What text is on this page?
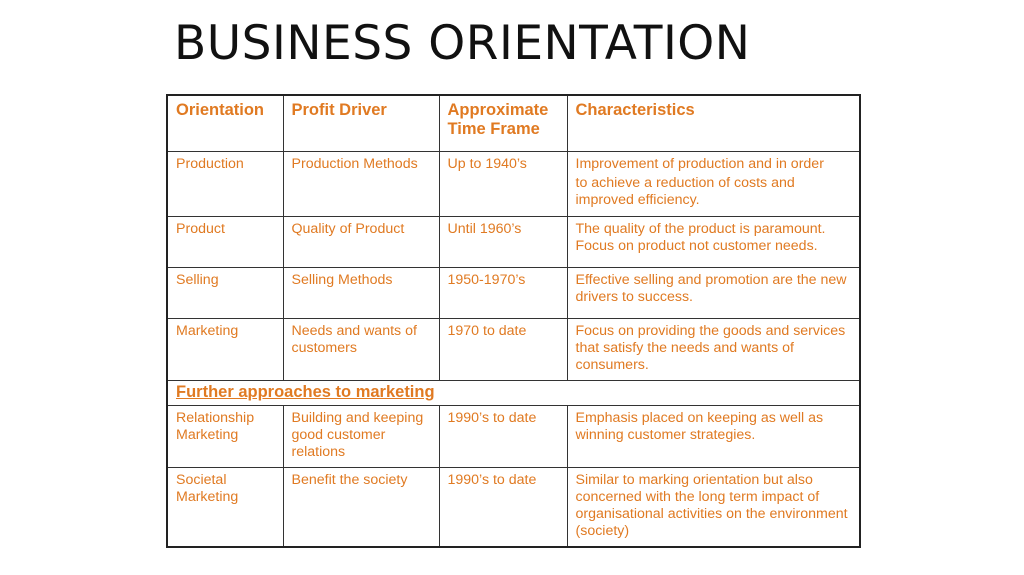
BUSINESS ORIENTATION
Orientation	Profit Driver	Approximate Time Frame	Characteristics
Production	Production Methods	Up to 1940’s	Improvement of production and in order
to achieve a reduction of costs and improved efficiency.

Product	Quality of Product	Until 1960’s	The quality of the product is paramount. Focus on product not customer needs.
Selling	Selling Methods	1950-1970’s	Effective selling and promotion are the new drivers to success.
Marketing	Needs and wants of customers	1970 to date	Focus on providing the goods and services that satisfy the needs and wants of consumers.
Further approaches to marketing			
Relationship Marketing	Building and keeping good customer relations	1990’s to date	Emphasis placed on keeping as well as winning customer strategies.
Societal Marketing	Benefit the society	1990’s to date	Similar to marking orientation but also concerned with the long term impact of organisational activities on the environment (society)
